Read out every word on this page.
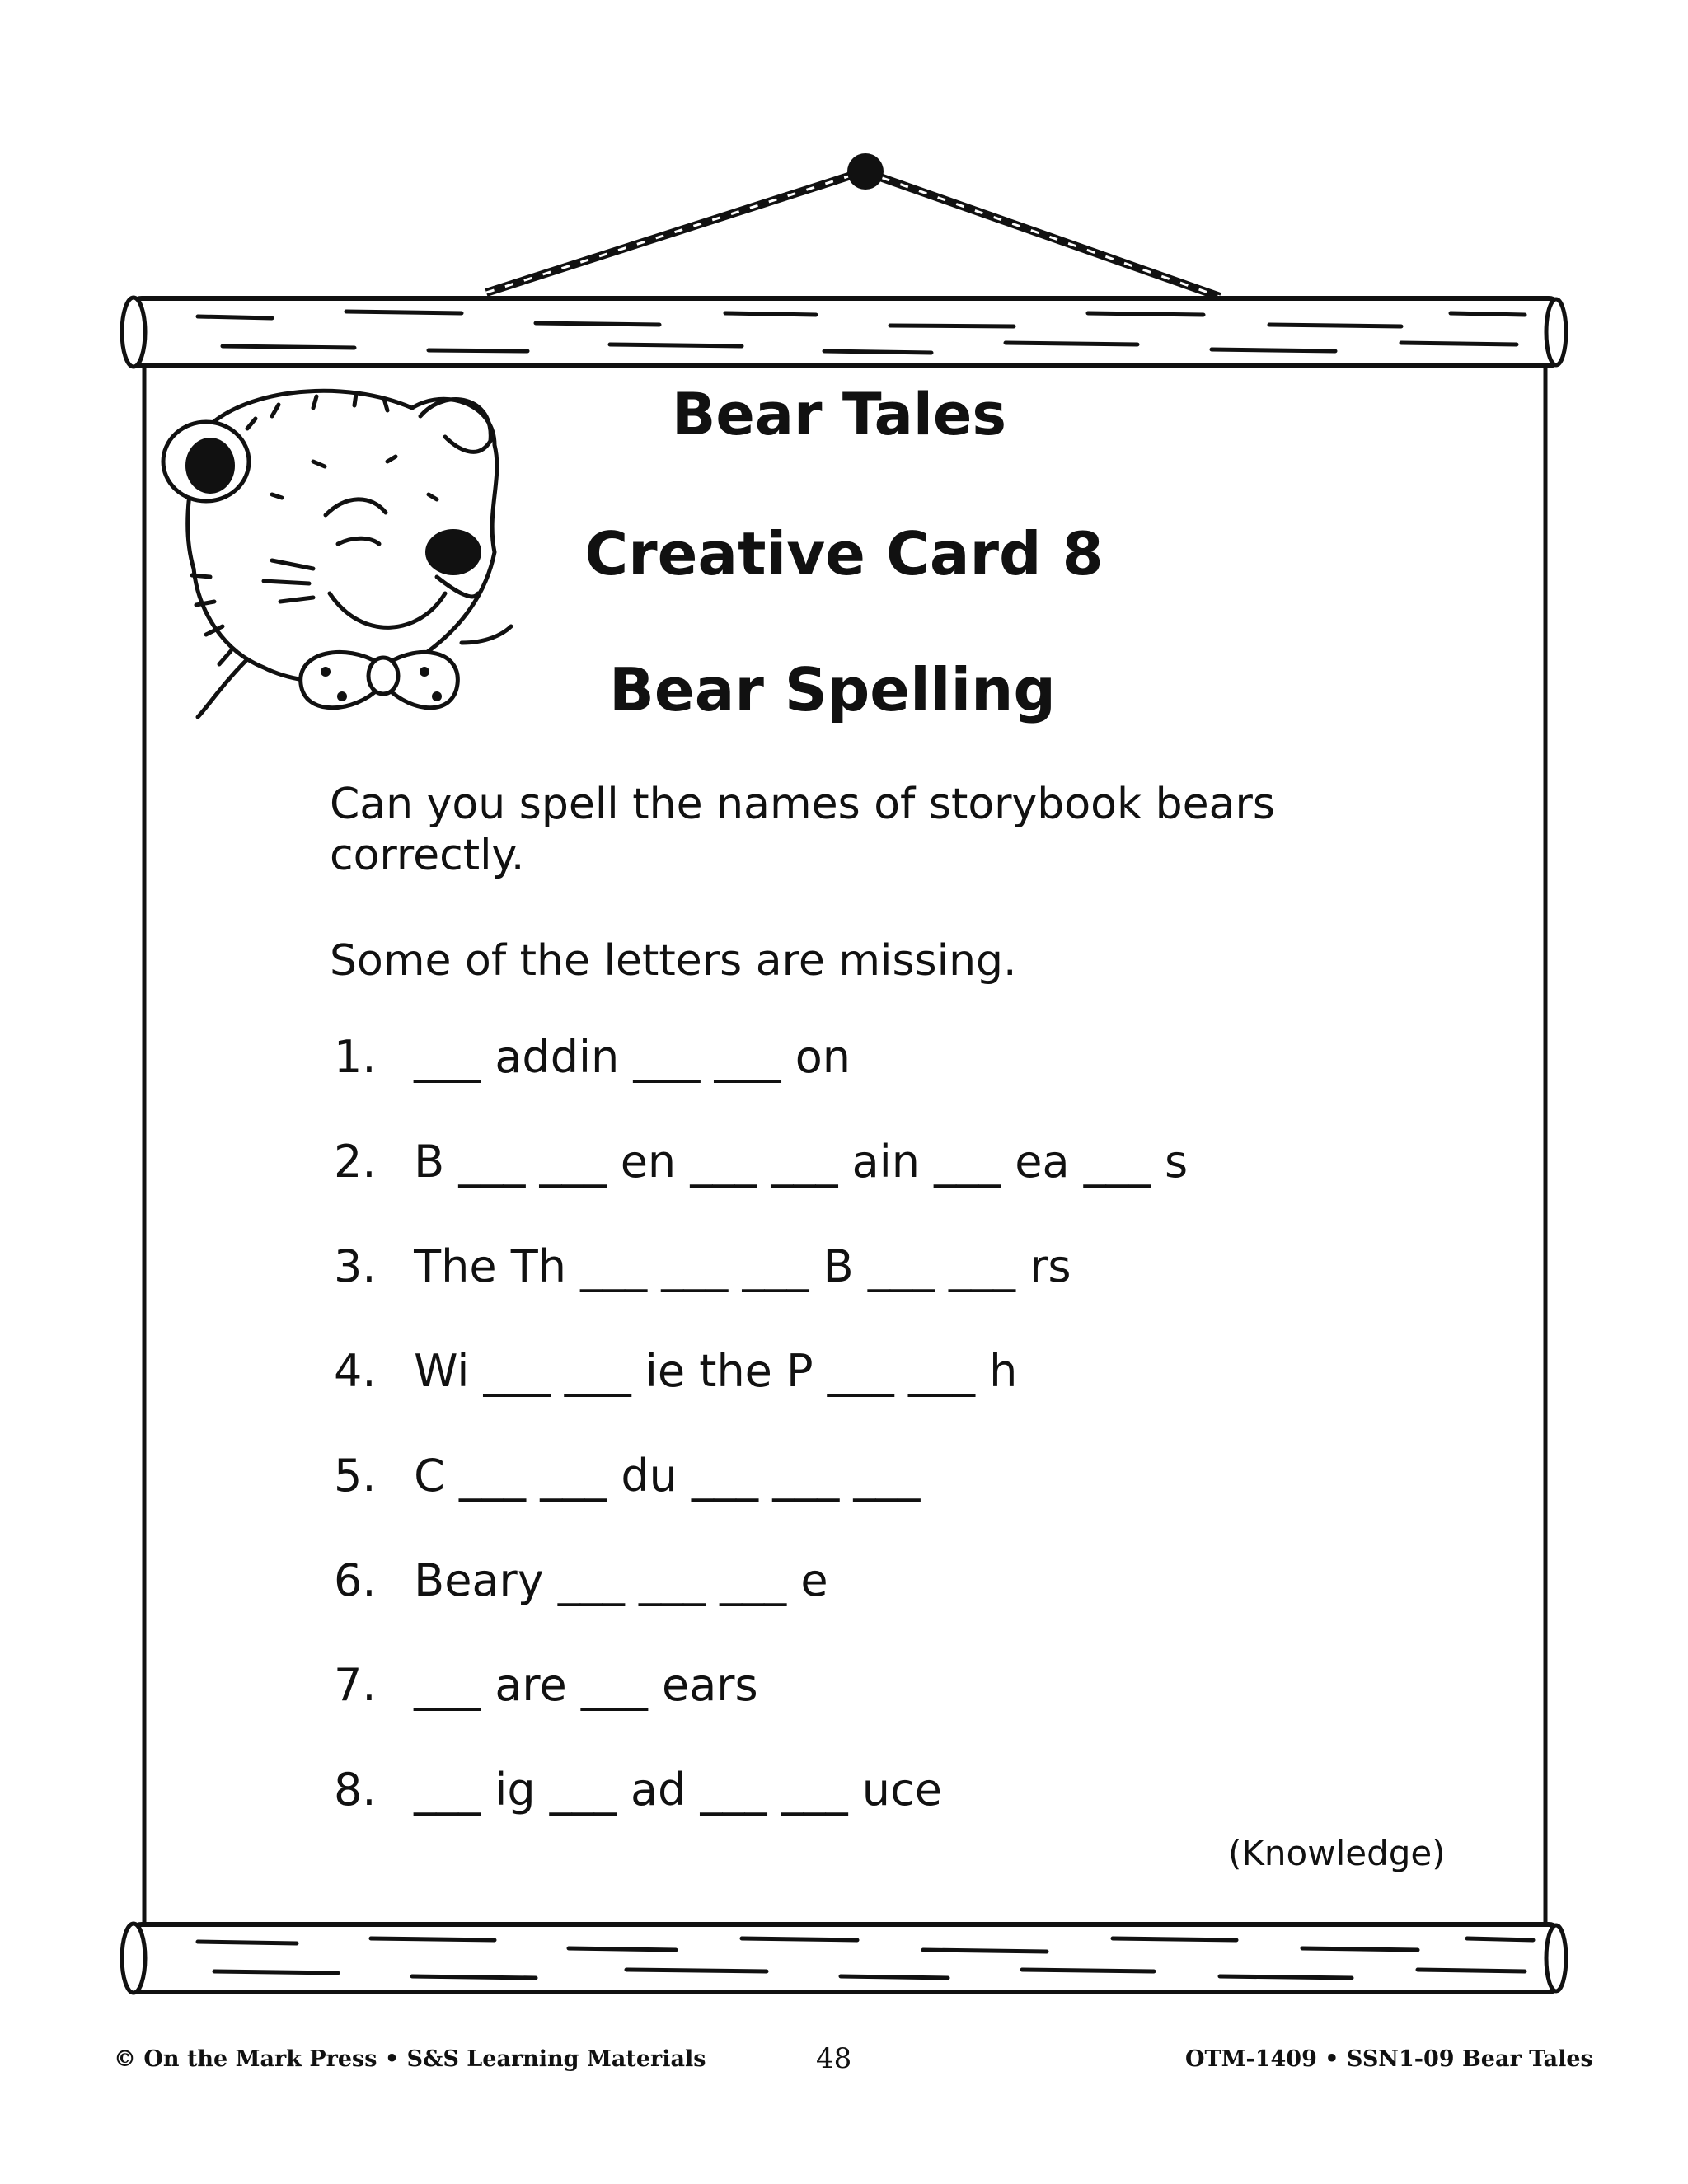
Bear Tales
Creative Card 8
Bear Spelling
Can you spell the names of storybook bears correctly.
Some of the letters are missing.
1. ___ addin ___ ___ on
2. B ___ ___ en ___ ___ ain ___ ea ___ s
3. The Th ___ ___ ___ B ___ ___ rs
4. Wi ___ ___ ie the P ___ ___ h
5. C ___ ___ du ___ ___ ___
6. Beary ___ ___ ___ e
7. ___ are ___ ears
8. ___ ig ___ ad ___ ___ uce
(Knowledge)
© On the Mark Press • S&S Learning Materials	48	OTM-1409 • SSN1-09 Bear Tales
